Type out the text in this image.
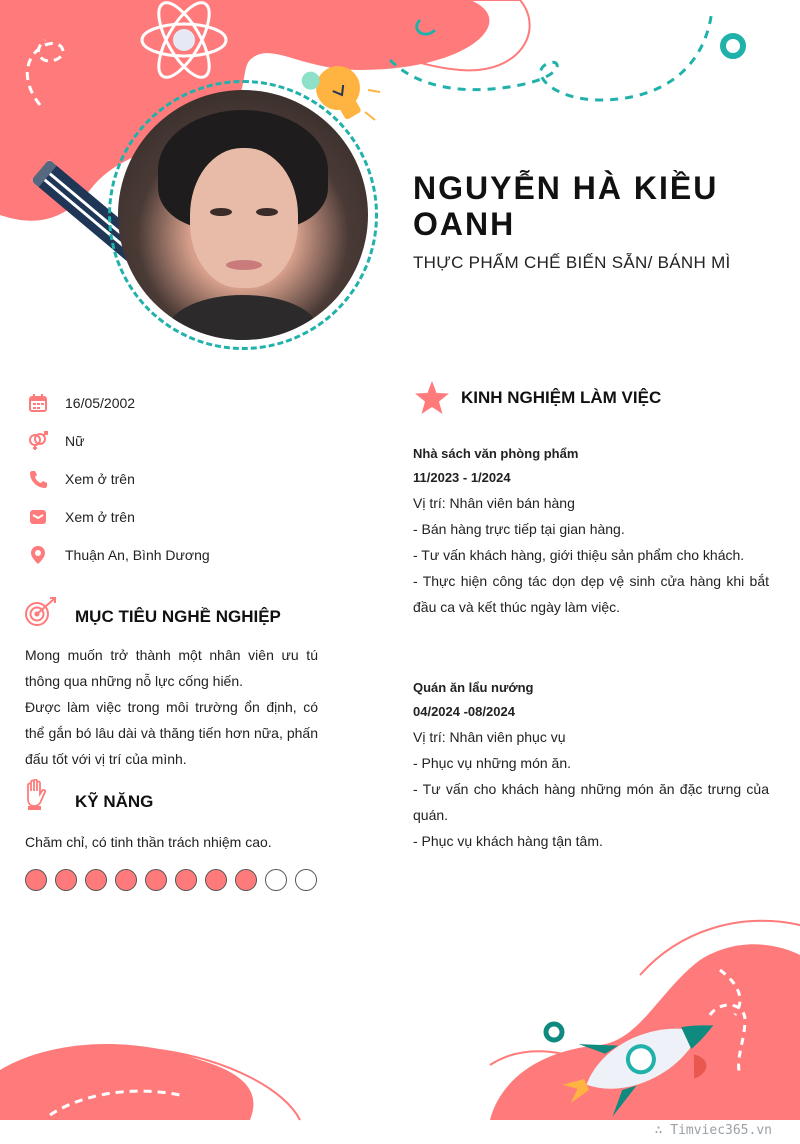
NGUYỄN HÀ KIỀU OANH
THỰC PHẨM CHẾ BIẾN SẴN/ BÁNH MÌ
16/05/2002
Nữ
Xem ở trên
Xem ở trên
Thuận An, Bình Dương
MỤC TIÊU NGHỀ NGHIỆP
Mong muốn trở thành một nhân viên ưu tú thông qua những nỗ lực cống hiến.
Được làm việc trong môi trường ổn định, có thể gắn bó lâu dài và thăng tiến hơn nữa, phấn đấu tốt với vị trí của mình.
KỸ NĂNG
Chăm chỉ, có tinh thần trách nhiệm cao.
KINH NGHIỆM LÀM VIỆC
Nhà sách văn phòng phẩm
11/2023 - 1/2024
Vị trí: Nhân viên bán hàng
- Bán hàng trực tiếp tại gian hàng.
- Tư vấn khách hàng, giới thiệu sản phẩm cho khách.
- Thực hiện công tác dọn dẹp vệ sinh cửa hàng khi bắt đầu ca và kết thúc ngày làm việc.
Quán ăn lẩu nướng
04/2024 -08/2024
Vị trí: Nhân viên phục vụ
- Phục vụ những món ăn.
- Tư vấn cho khách hàng những món ăn đặc trưng của quán.
- Phục vụ khách hàng tận tâm.
∴ Timviec365.vn
